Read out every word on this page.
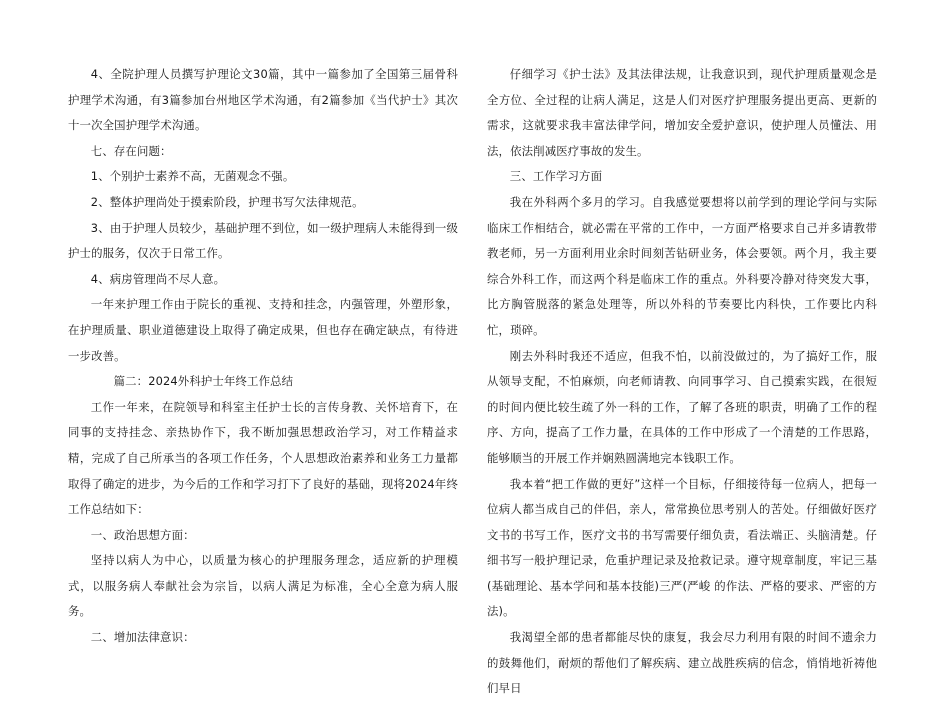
4、全院护理人员撰写护理论文30篇，其中一篇参加了全国第三届骨科护理学术沟通，有3篇参加台州地区学术沟通，有2篇参加《当代护士》其次十一次全国护理学术沟通。

七、存在问题：

1、个别护士素养不高，无菌观念不强。

2、整体护理尚处于摸索阶段，护理书写欠法律规范。

3、由于护理人员较少，基础护理不到位，如一级护理病人未能得到一级护士的服务，仅次于日常工作。

4、病房管理尚不尽人意。

一年来护理工作由于院长的重视、支持和挂念，内强管理，外塑形象，在护理质量、职业道德建设上取得了确定成果，但也存在确定缺点，有待进一步改善。

篇二：2024外科护士年终工作总结

工作一年来，在院领导和科室主任护士长的言传身教、关怀培育下，在同事的支持挂念、亲热协作下，我不断加强思想政治学习，对工作精益求精，完成了自己所承当的各项工作任务，个人思想政治素养和业务工力量都取得了确定的进步，为今后的工作和学习打下了良好的基础，现将2024年终工作总结如下：

一、政治思想方面：

坚持以病人为中心，以质量为核心的护理服务理念，适应新的护理模式，以服务病人奉献社会为宗旨，以病人满足为标准，全心全意为病人服务。

二、增加法律意识：

仔细学习《护士法》及其法律法规，让我意识到，现代护理质量观念是全方位、全过程的让病人满足，这是人们对医疗护理服务提出更高、更新的需求，这就要求我丰富法律学问，增加安全爱护意识，使护理人员懂法、用法，依法削减医疗事故的发生。

三、工作学习方面

我在外科两个多月的学习。自我感觉要想将以前学到的理论学问与实际临床工作相结合，就必需在平常的工作中，一方面严格要求自己并多请教带教老师，另一方面利用业余时间刻苦钻研业务，体会要领。两个月，我主要综合外科工作，而这两个科是临床工作的重点。外科要冷静对待突发大事，比方胸管脱落的紧急处理等，所以外科的节奏要比内科快，工作要比内科忙，琐碎。

刚去外科时我还不适应，但我不怕，以前没做过的，为了搞好工作，服从领导支配，不怕麻烦，向老师请教、向同事学习、自己摸索实践，在很短的时间内便比较生疏了外一科的工作，了解了各班的职责，明确了工作的程序、方向，提高了工作力量，在具体的工作中形成了一个清楚的工作思路，能够顺当的开展工作并娴熟圆满地完本钱职工作。

我本着“把工作做的更好”这样一个目标，仔细接待每一位病人，把每一位病人都当成自己的伴侣，亲人，常常换位思考别人的苦处。仔细做好医疗文书的书写工作，医疗文书的书写需要仔细负责，看法端正、头脑清楚。仔细书写一般护理记录，危重护理记录及抢救记录。遵守规章制度，牢记三基(基础理论、基本学问和基本技能)三严(严峻 的作法、严格的要求、严密的方法)。

我渴望全部的患者都能尽快的康复，我会尽力利用有限的时间不遗余力的鼓舞他们，耐烦的帮他们了解疾病、建立战胜疾病的信念，悄悄地祈祷他们早日
